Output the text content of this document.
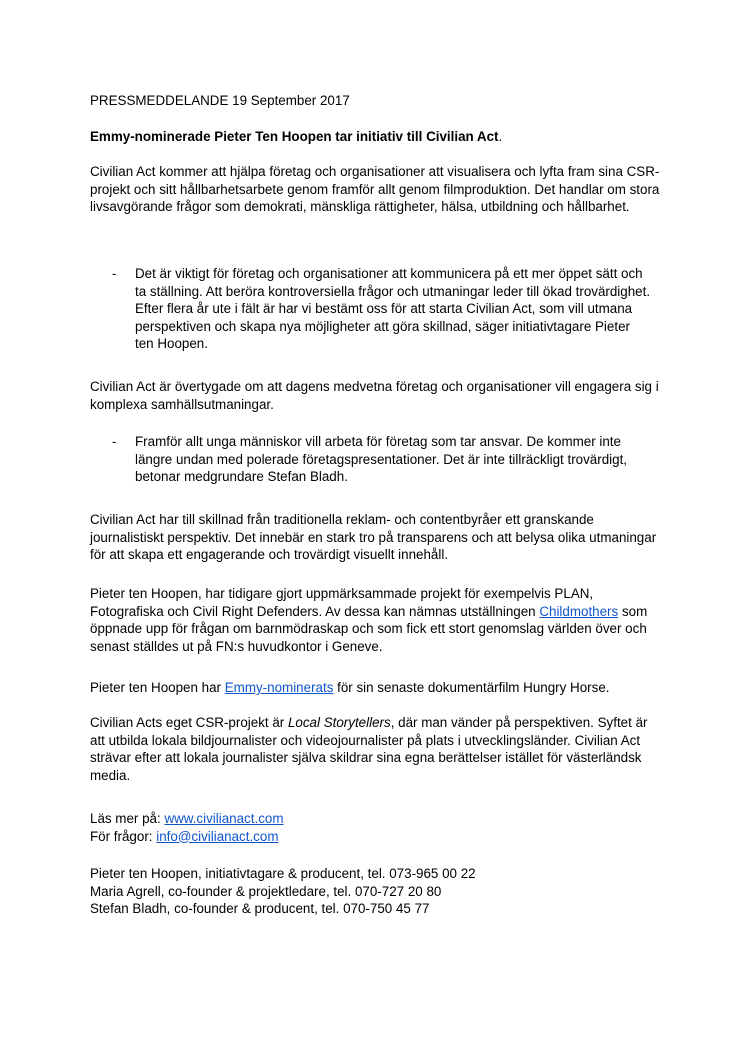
PRESSMEDDELANDE 19 September 2017

Emmy-nominerade Pieter Ten Hoopen tar initiativ till Civilian Act.

Civilian Act kommer att hjälpa företag och organisationer att visualisera och lyfta fram sina CSR-projekt och sitt hållbarhetsarbete genom framför allt genom filmproduktion. Det handlar om stora livsavgörande frågor som demokrati, mänskliga rättigheter, hälsa, utbildning och hållbarhet.

- Det är viktigt för företag och organisationer att kommunicera på ett mer öppet sätt och ta ställning. Att beröra kontroversiella frågor och utmaningar leder till ökad trovärdighet. Efter flera år ute i fält är har vi bestämt oss för att starta Civilian Act, som vill utmana perspektiven och skapa nya möjligheter att göra skillnad, säger initiativtagare Pieter ten Hoopen.

Civilian Act är övertygade om att dagens medvetna företag och organisationer vill engagera sig i komplexa samhällsutmaningar.

- Framför allt unga människor vill arbeta för företag som tar ansvar. De kommer inte längre undan med polerade företagspresentationer. Det är inte tillräckligt trovärdigt, betonar medgrundare Stefan Bladh.

Civilian Act har till skillnad från traditionella reklam- och contentbyråer ett granskande journalistiskt perspektiv. Det innebär en stark tro på transparens och att belysa olika utmaningar för att skapa ett engagerande och trovärdigt visuellt innehåll.

Pieter ten Hoopen, har tidigare gjort uppmärksammade projekt för exempelvis PLAN, Fotografiska och Civil Right Defenders. Av dessa kan nämnas utställningen Childmothers som öppnade upp för frågan om barnmödraskap och som fick ett stort genomslag världen över och senast ställdes ut på FN:s huvudkontor i Geneve.

Pieter ten Hoopen har Emmy-nominerats för sin senaste dokumentärfilm Hungry Horse.

Civilian Acts eget CSR-projekt är Local Storytellers, där man vänder på perspektiven. Syftet är att utbilda lokala bildjournalister och videojournalister på plats i utvecklingsländer. Civilian Act strävar efter att lokala journalister själva skildrar sina egna berättelser istället för västerländsk media.

Läs mer på: www.civilianact.com

För frågor: info@civilianact.com

Pieter ten Hoopen, initiativtagare & producent, tel. 073-965 00 22

Maria Agrell, co-founder & projektledare, tel. 070-727 20 80

Stefan Bladh, co-founder & producent, tel. 070-750 45 77
